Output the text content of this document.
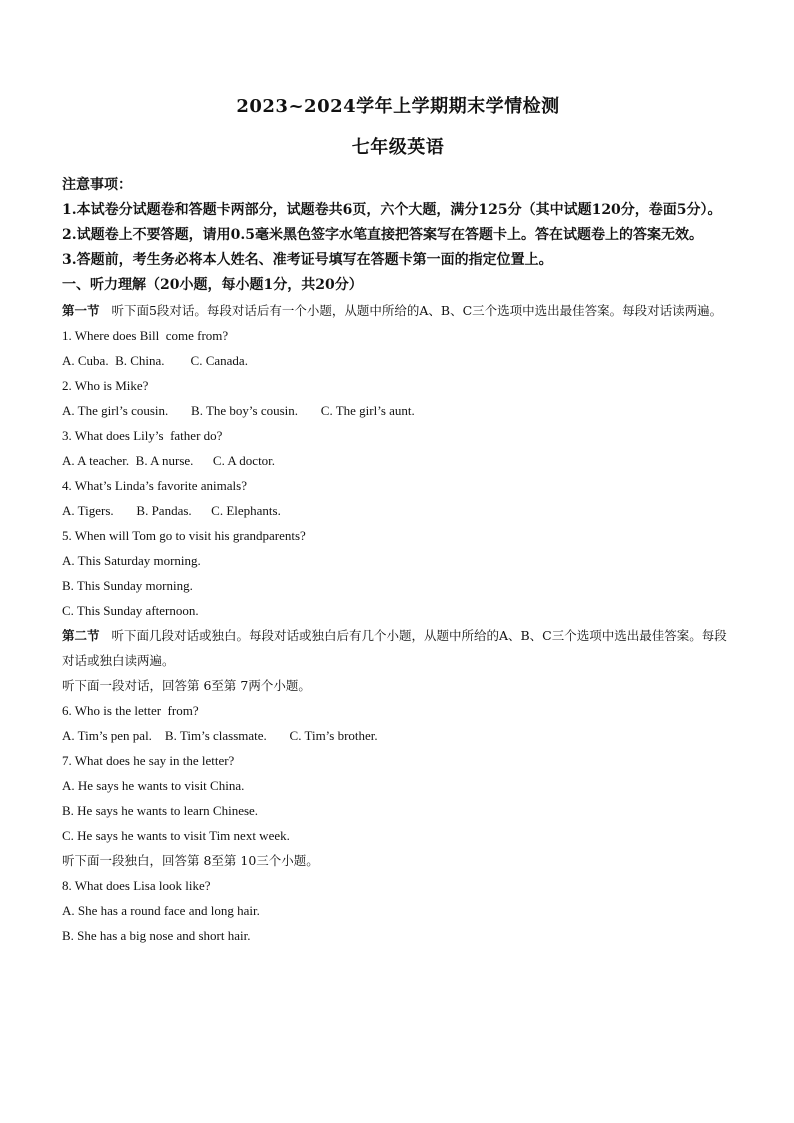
2023~2024学年上学期期末学情检测
七年级英语
注意事项：
1.本试卷分试题卷和答题卡两部分，试题卷共6页，六个大题，满分125分（其中试题120分，卷面5分）。
2.试题卷上不要答题，请用0.5毫米黑色签字水笔直接把答案写在答题卡上。答在试题卷上的答案无效。
3.答题前，考生务必将本人姓名、准考证号填写在答题卡第一面的指定位置上。
一、听力理解（20小题，每小题1分，共20分）
第一节 听下面5段对话。每段对话后有一个小题，从题中所给的A、B、C三个选项中选出最佳答案。每段对话读两遍。
1. Where does Bill  come from?
A. Cuba.  B. China.        C. Canada.
2. Who is Mike?
A. The girl’s cousin.       B. The boy’s cousin.       C. The girl’s aunt.
3. What does Lily’s  father do?
A. A teacher.  B. A nurse.      C. A doctor.
4. What’s Linda’s favorite animals?
A. Tigers.       B. Pandas.      C. Elephants.
5. When will Tom go to visit his grandparents?
A. This Saturday morning.
B. This Sunday morning.
C. This Sunday afternoon.
第二节 听下面几段对话或独白。每段对话或独白后有几个小题，从题中所给的A、B、C三个选项中选出最佳答案。每段对话或独白读两遍。
听下面一段对话，回答第 6至第 7两个小题。
6. Who is the letter  from?
A. Tim’s pen pal.    B. Tim’s classmate.       C. Tim’s brother.
7. What does he say in the letter?
A. He says he wants to visit China.
B. He says he wants to learn Chinese.
C. He says he wants to visit Tim next week.
听下面一段独白，回答第 8至第 10三个小题。
8. What does Lisa look like?
A. She has a round face and long hair.
B. She has a big nose and short hair.
